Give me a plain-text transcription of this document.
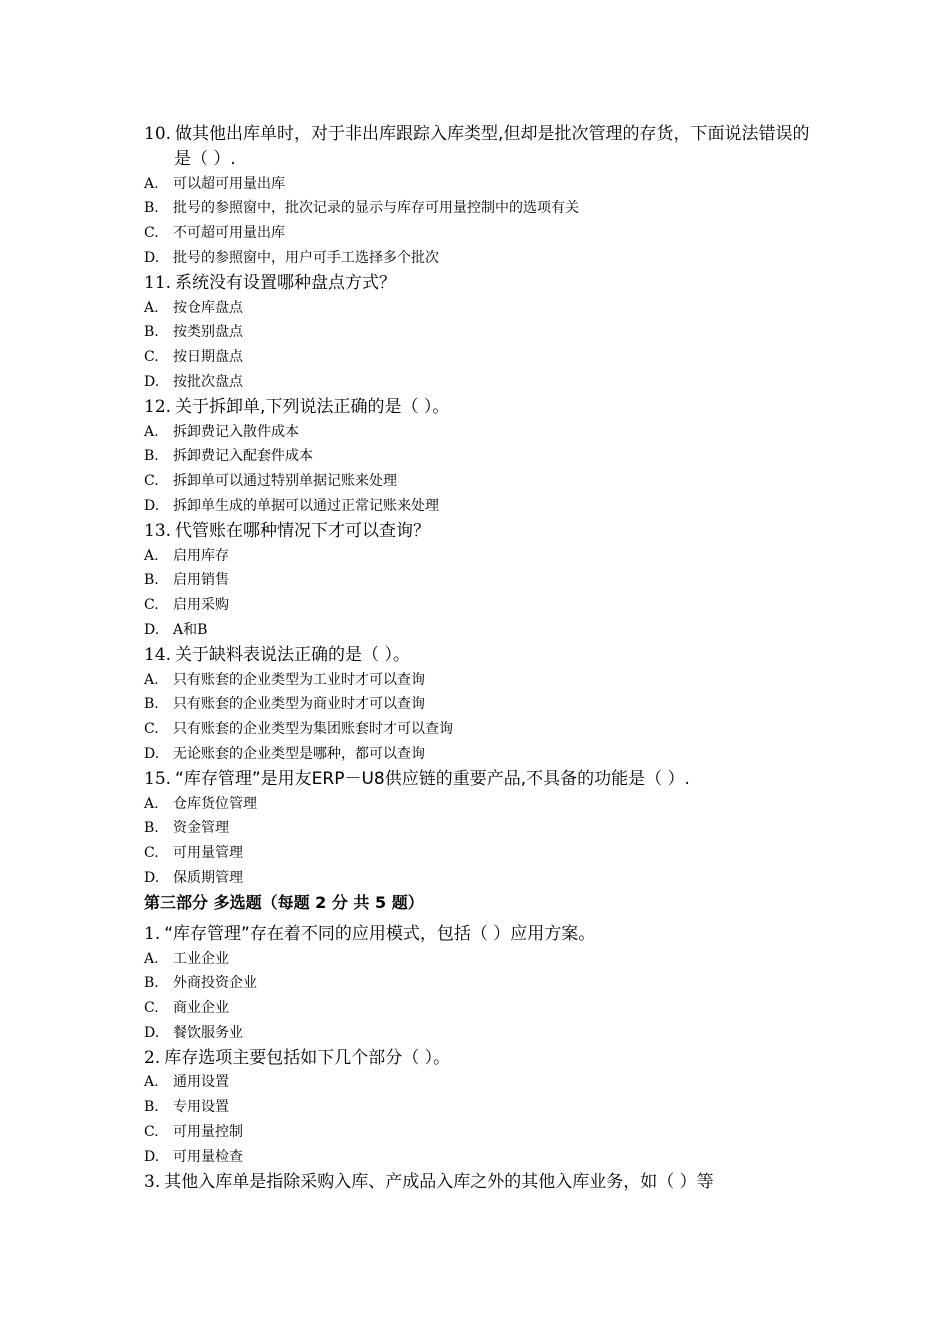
10. 做其他出库单时，对于非出库跟踪入库类型,但却是批次管理的存货，下面说法错误的是（ ）.
A. 可以超可用量出库
B. 批号的参照窗中，批次记录的显示与库存可用量控制中的选项有关
C. 不可超可用量出库
D. 批号的参照窗中，用户可手工选择多个批次
11. 系统没有设置哪种盘点方式？
A. 按仓库盘点
B. 按类别盘点
C. 按日期盘点
D. 按批次盘点
12. 关于拆卸单,下列说法正确的是（ ）。
A. 拆卸费记入散件成本
B. 拆卸费记入配套件成本
C. 拆卸单可以通过特别单据记账来处理
D. 拆卸单生成的单据可以通过正常记账来处理
13. 代管账在哪种情况下才可以查询？
A. 启用库存
B. 启用销售
C. 启用采购
D. A和B
14. 关于缺料表说法正确的是（ ）。
A. 只有账套的企业类型为工业时才可以查询
B. 只有账套的企业类型为商业时才可以查询
C. 只有账套的企业类型为集团账套时才可以查询
D. 无论账套的企业类型是哪种，都可以查询
15. “库存管理”是用友ERP－U8供应链的重要产品,不具备的功能是（ ）.
A. 仓库货位管理
B. 资金管理
C. 可用量管理
D. 保质期管理
第三部分 多选题（每题 2 分 共 5 题）
1. “库存管理”存在着不同的应用模式，包括（ ）应用方案。
A. 工业企业
B. 外商投资企业
C. 商业企业
D. 餐饮服务业
2. 库存选项主要包括如下几个部分（ ）。
A. 通用设置
B. 专用设置
C. 可用量控制
D. 可用量检查
3. 其他入库单是指除采购入库、产成品入库之外的其他入库业务，如（ ）等
